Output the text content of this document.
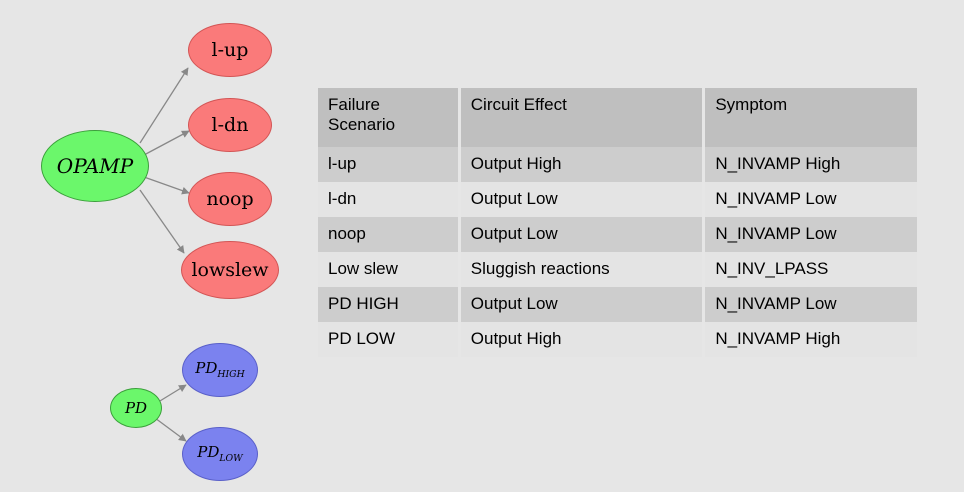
OPAMP
l-up
l-dn
noop
lowslew
PD
$PD_{HIGH}$
$PD_{LOW}$
Failure Scenario	Circuit Effect	Symptom
l-up	Output High	N_INVAMP High
l-dn	Output Low	N_INVAMP Low
noop	Output Low	N_INVAMP Low
Low slew	Sluggish reactions	N_INV_LPASS
PD HIGH	Output Low	N_INVAMP Low
PD LOW	Output High	N_INVAMP High
